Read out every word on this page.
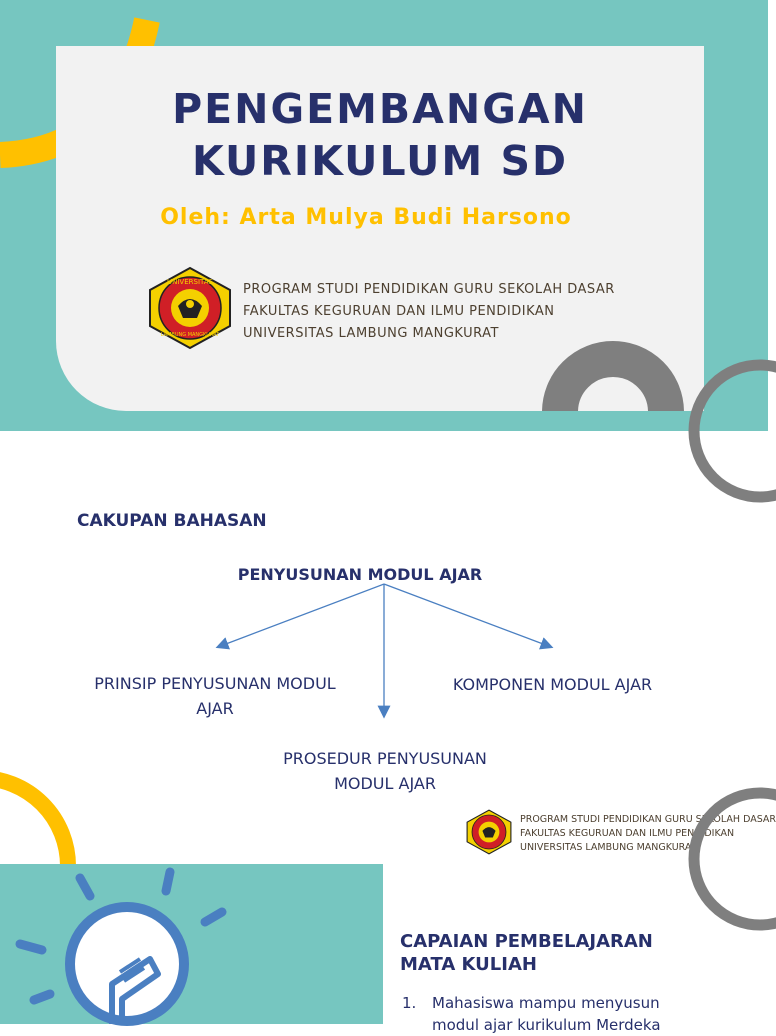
PENGEMBANGAN
KURIKULUM SD
Oleh: Arta Mulya Budi Harsono
UNIVERSITAS
LAMBUNG MANGKURAT
PROGRAM STUDI PENDIDIKAN GURU SEKOLAH DASAR
FAKULTAS KEGURUAN DAN ILMU PENDIDIKAN
UNIVERSITAS LAMBUNG MANGKURAT
CAKUPAN BAHASAN
PENYUSUNAN MODUL AJAR
PRINSIP PENYUSUNAN MODUL
AJAR
KOMPONEN MODUL AJAR
PROSEDUR PENYUSUNAN
MODUL AJAR
PROGRAM STUDI PENDIDIKAN GURU SEKOLAH DASAR
FAKULTAS KEGURUAN DAN ILMU PENDIDIKAN
UNIVERSITAS LAMBUNG MANGKURAT
CAPAIAN PEMBELAJARAN
MATA KULIAH
1. Mahasiswa mampu menyusun modul ajar kurikulum Merdeka
